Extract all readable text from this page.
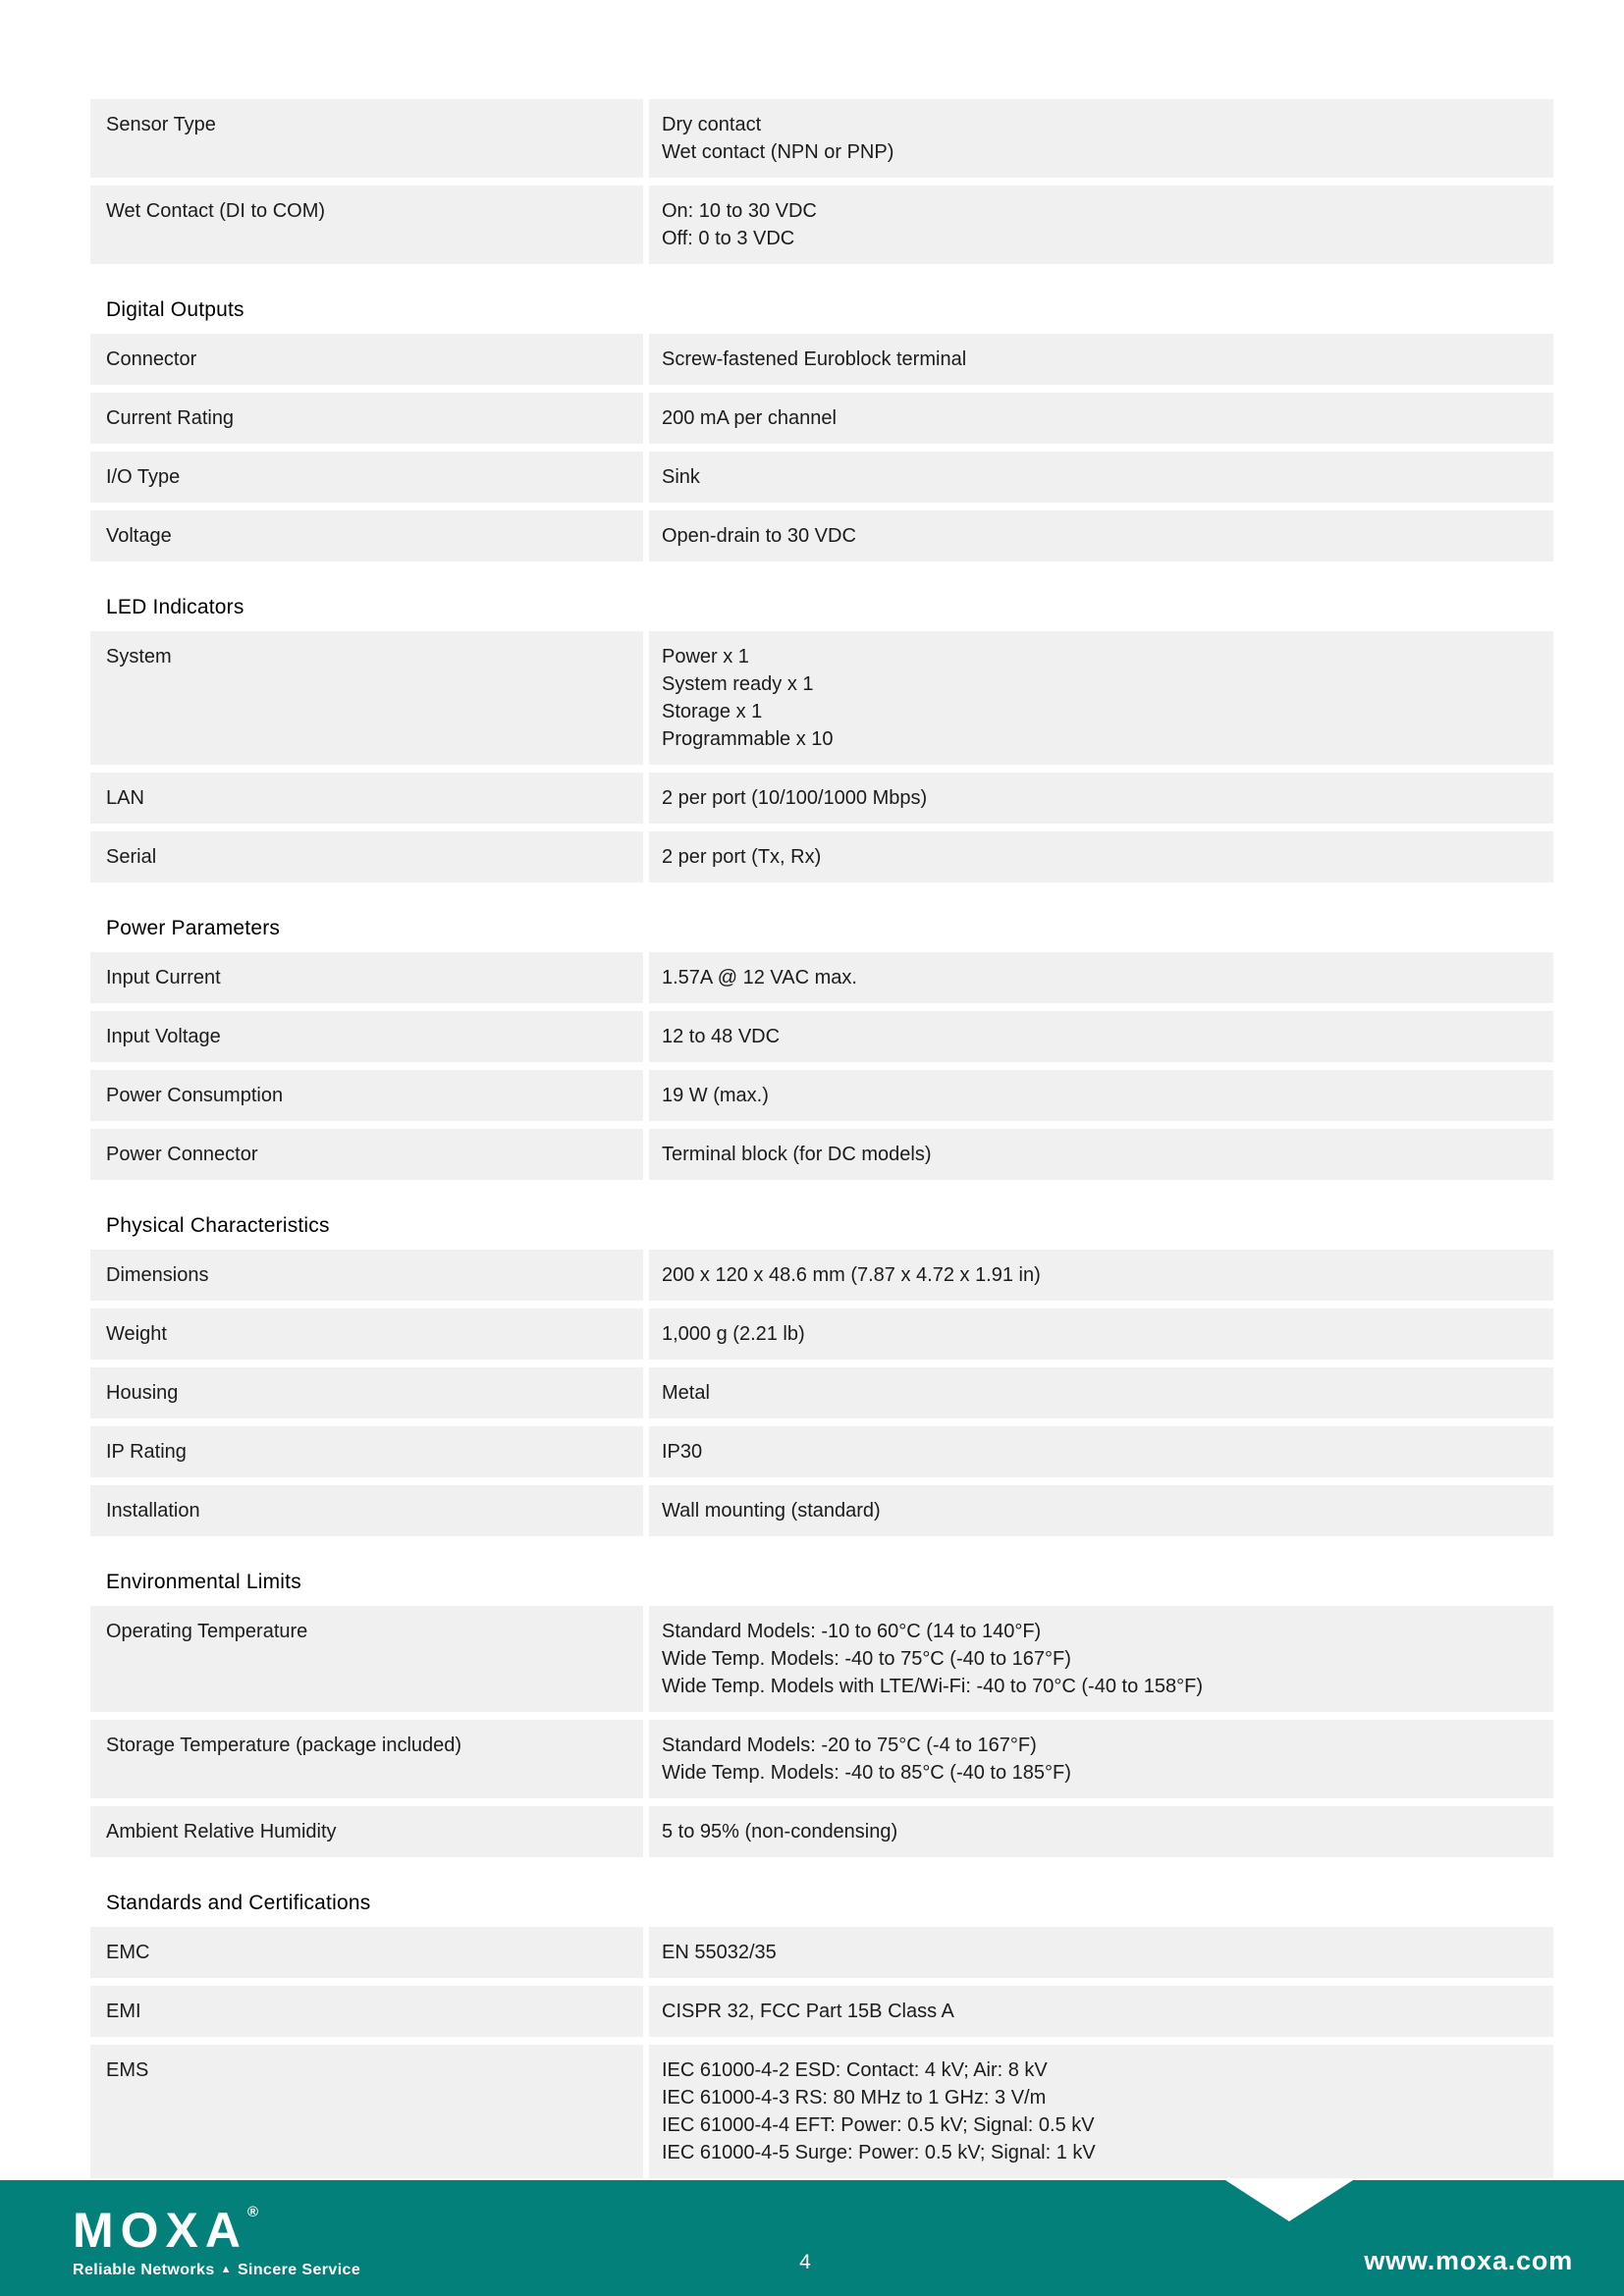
Sensor Type	Dry contact
Wet contact (NPN or PNP)
Wet Contact (DI to COM)	On: 10 to 30 VDC
Off: 0 to 3 VDC
Digital Outputs
Connector	Screw-fastened Euroblock terminal
Current Rating	200 mA per channel
I/O Type	Sink
Voltage	Open-drain to 30 VDC
LED Indicators
System	Power x 1
System ready x 1
Storage x 1
Programmable x 10
LAN	2 per port (10/100/1000 Mbps)
Serial	2 per port (Tx, Rx)
Power Parameters
Input Current	1.57A @ 12 VAC max.
Input Voltage	12 to 48 VDC
Power Consumption	19 W (max.)
Power Connector	Terminal block (for DC models)
Physical Characteristics
Dimensions	200 x 120 x 48.6 mm (7.87 x 4.72 x 1.91 in)
Weight	1,000 g (2.21 lb)
Housing	Metal
IP Rating	IP30
Installation	Wall mounting (standard)
Environmental Limits
Operating Temperature	Standard Models: -10 to 60°C (14 to 140°F)
Wide Temp. Models: -40 to 75°C (-40 to 167°F)
Wide Temp. Models with LTE/Wi-Fi: -40 to 70°C (-40 to 158°F)
Storage Temperature (package included)	Standard Models: -20 to 75°C (-4 to 167°F)
Wide Temp. Models: -40 to 85°C (-40 to 185°F)
Ambient Relative Humidity	5 to 95% (non-condensing)
Standards and Certifications
EMC	EN 55032/35
EMI	CISPR 32, FCC Part 15B Class A
EMS	IEC 61000-4-2 ESD: Contact: 4 kV; Air: 8 kV
IEC 61000-4-3 RS: 80 MHz to 1 GHz: 3 V/m
IEC 61000-4-4 EFT: Power: 0.5 kV; Signal: 0.5 kV
IEC 61000-4-5 Surge: Power: 0.5 kV; Signal: 1 kV
MOXA®
Reliable Networks ▲ Sincere Service	4	www.moxa.com
